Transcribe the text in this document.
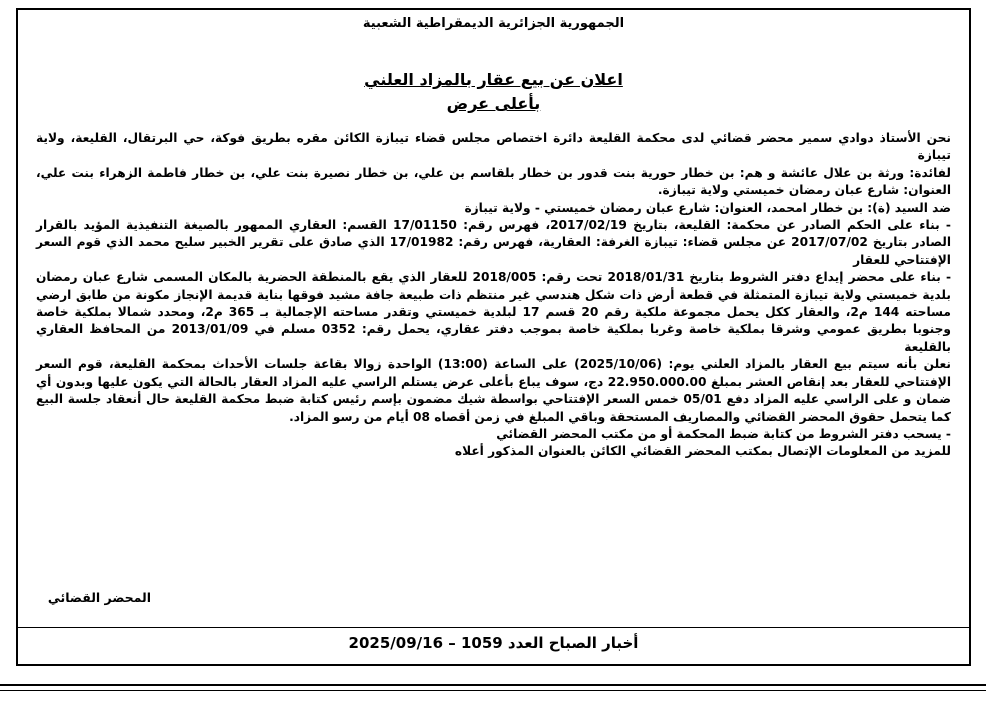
الجمهورية الجزائرية الديمقراطية الشعبية
اعلان عن بيع عقار بالمزاد العلني
بأعلى عرض

نحن الأستاذ دوادي سمير محضر قضائي لدى محكمة القليعة دائرة اختصاص مجلس قضاء تيبازة الكائن مقره بطريق فوكة، حي البرتقال، القليعة، ولاية تيبازة

لفائدة: ورثة بن علال عائشة و هم: بن خطار حورية بنت قدور بن خطار بلقاسم بن علي، بن خطار نصيرة بنت علي، بن خطار فاطمة الزهراء بنت علي، العنوان: شارع عبان رمضان خميستي ولاية تيبازة.

ضد السيد (ة): بن خطار امحمد، العنوان: شارع عبان رمضان خميستي - ولاية تيبازة

- بناء على الحكم الصادر عن محكمة: القليعة، بتاريخ 2017/02/19، فهرس رقم: 17/01150 القسم: العقاري الممهور بالصيغة التنفيذية المؤيد بالقرار الصادر بتاريخ 2017/07/02 عن مجلس قضاء: تيبازة الغرفة: العقارية، فهرس رقم: 17/01982 الذي صادق على تقرير الخبير سليح محمد الذي قوم السعر الإفتتاحي للعقار

- بناء على محضر إيداع دفتر الشروط بتاريخ 2018/01/31 تحت رقم: 2018/005 للعقار الذي يقع بالمنطقة الحضرية بالمكان المسمى شارع عبان رمضان بلدية خميستي ولاية تيبازة المتمثلة في قطعة أرض ذات شكل هندسي غير منتظم ذات طبيعة جافة مشيد فوقها بناية قديمة الإنجاز مكونة من طابق ارضي مساحته 144 م2، والعقار ككل يحمل مجموعة ملكية رقم 20 قسم 17 لبلدية خميستي وتقدر مساحته الإجمالية بـ 365 م2، ومحدد شمالا بملكية خاصة وجنوبا بطريق عمومي وشرقا بملكية خاصة وغربا بملكية خاصة بموجب دفتر عقاري، يحمل رقم: 0352 مسلم في 2013/01/09 من المحافظ العقاري بالقليعة

نعلن بأنه سيتم بيع العقار بالمزاد العلني يوم: (2025/10/06) على الساعة (13:00) الواحدة زوالا بقاعة جلسات الأحداث بمحكمة القليعة، قوم السعر الإفتتاحي للعقار بعد إنقاص العشر بمبلغ 22.950.000.00 دج، سوف يباع بأعلى عرض يستلم الراسي عليه المزاد العقار بالحالة التي يكون عليها وبدون أي ضمان و على الراسي عليه المزاد دفع 05/01 خمس السعر الإفتتاحي بواسطة شيك مضمون بإسم رئيس كتابة ضبط محكمة القليعة حال أنعقاد جلسة البيع كما يتحمل حقوق المحضر القضائي والمصاريف المستحقة وباقي المبلغ في زمن أقصاه 08 أيام من رسو المزاد.

- يسحب دفتر الشروط من كتابة ضبط المحكمة أو من مكتب المحضر القضائي

للمزيد من المعلومات الإتصال بمكتب المحضر القضائي الكائن بالعنوان المذكور أعلاه

المحضر القضائي
أخبار الصباح العدد 1059 – 2025/09/16
